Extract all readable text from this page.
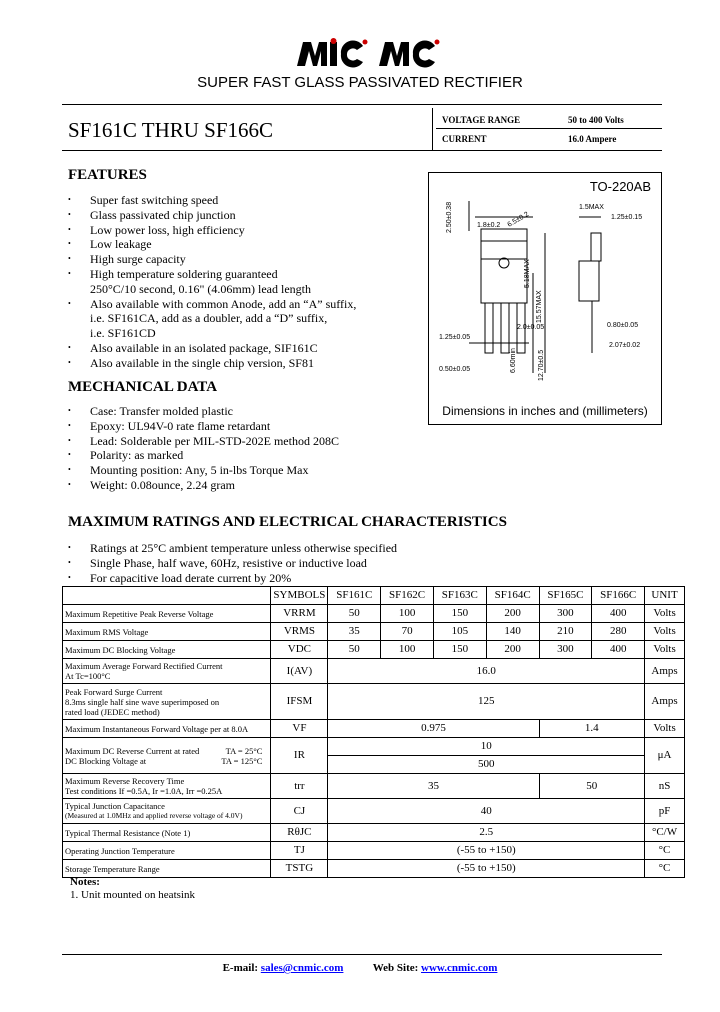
SUPER FAST GLASS PASSIVATED RECTIFIER
SF161C THRU SF166C	VOLTAGE RANGE	50 to 400 Volts
CURRENT	16.0 Ampere
FEATURES
• Super fast switching speed
• Glass passivated chip junction
• Low power loss, high efficiency
• Low leakage
• High surge capacity
• High temperature soldering guaranteed
250°C/10 second, 0.16" (4.06mm) lead length
• Also available with common Anode, add an “A” suffix,
i.e. SF161CA, add as a doubler, add a “D” suffix,
i.e. SF161CD
• Also available in an isolated package, SIF161C
• Also available in the single chip version, SF81
TO-220AB
2.50±0.38	1.8±0.2 6.5±0.2
15.57MAX
5.18MAX
1.25±0.15
1.5MAX
2.0±0.05
1.25±0.05
0.80±0.05
6.60min	12.70±0.5
0.50±0.05
2.07±0.02
Dimensions in inches and (millimeters)
MECHANICAL DATA
• Case: Transfer molded plastic
• Epoxy: UL94V-0 rate flame retardant
• Lead: Solderable per MIL-STD-202E method 208C
• Polarity: as marked
• Mounting position: Any, 5 in-lbs Torque Max
• Weight: 0.08ounce, 2.24 gram
MAXIMUM RATINGS AND ELECTRICAL CHARACTERISTICS
• Ratings at 25°C ambient temperature unless otherwise specified
• Single Phase, half wave, 60Hz, resistive or inductive load
• For capacitive load derate current by 20%
	SYMBOLS	SF161C	SF162C	SF163C	SF164C	SF165C	SF166C	UNIT
Maximum Repetitive Peak Reverse Voltage	VRRM	50	100	150	200	300	400	Volts
Maximum RMS Voltage	VRMS	35	70	105	140	210	280	Volts
Maximum DC Blocking Voltage	VDC	50	100	150	200	300	400	Volts

Maximum Average Forward Rectified Current
At Tc=100°C	I(AV)	16.0						Amps

Peak Forward Surge Current
8.3ms single half sine wave superimposed on
rated load (JEDEC method)	IFSM	125						Amps
Maximum Instantaneous Forward Voltage per at 8.0A	VF	0.975				1.4		Volts

Maximum DC Reverse Current at rated TA = 25°C
DC Blocking Voltage at TA = 125°C	IR	10						μA
		500						

Maximum Reverse Recovery Time
Test conditions If =0.5A, Ir =1.0A, Irr =0.25A	trr	35				50		nS

Typical Junction Capacitance
(Measured at 1.0MHz and applied reverse voltage of 4.0V)	CJ	40						pF
Typical Thermal Resistance (Note 1)	RθJC	2.5						°C/W
Operating Junction Temperature	TJ	(-55 to +150)						°C
Storage Temperature Range	TSTG	(-55 to +150)						°C
Notes:
1. Unit mounted on heatsink
E-mail: sales@cnmic.com	Web Site: www.cnmic.com
